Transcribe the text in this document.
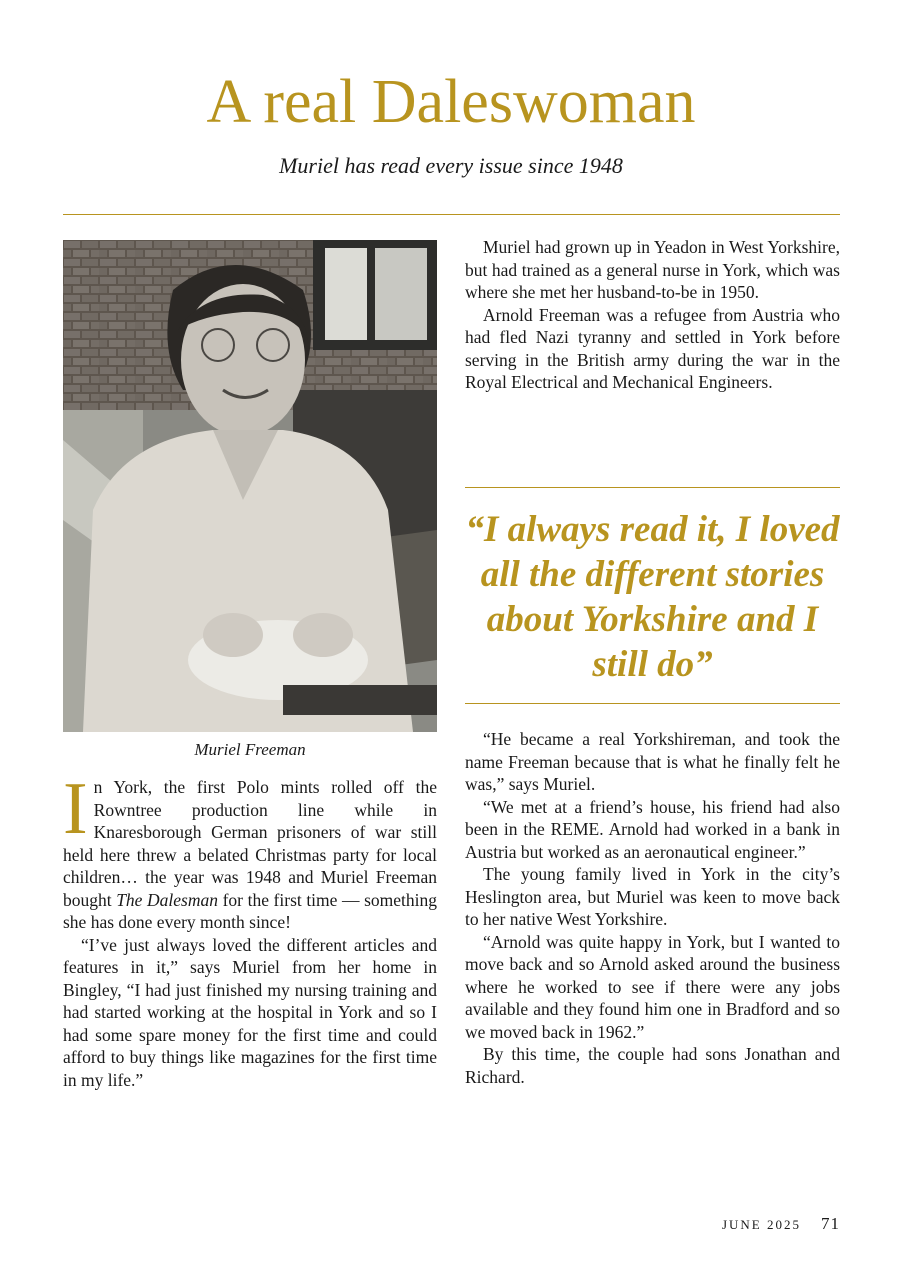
A real Daleswoman
Muriel has read every issue since 1948
Muriel Freeman

In York, the first Polo mints rolled off the Rowntree production line while in Knaresborough German prisoners of war still held here threw a belated Christmas party for local children… the year was 1948 and Muriel Freeman bought The Dalesman for the first time — something she has done every month since!

“I’ve just always loved the different articles and features in it,” says Muriel from her home in Bingley, “I had just finished my nursing training and had started working at the hospital in York and so I had some spare money for the first time and could afford to buy things like magazines for the first time in my life.”

Muriel had grown up in Yeadon in West Yorkshire, but had trained as a general nurse in York, which was where she met her husband-to-be in 1950.

Arnold Freeman was a refugee from Austria who had fled Nazi tyranny and settled in York before serving in the British army during the war in the Royal Electrical and Mechanical Engineers.

“I always read it, I loved all the different stories about Yorkshire and I still do”

“He became a real Yorkshireman, and took the name Freeman because that is what he finally felt he was,” says Muriel.

“We met at a friend’s house, his friend had also been in the REME. Arnold had worked in a bank in Austria but worked as an aeronautical engineer.”

The young family lived in York in the city’s Heslington area, but Muriel was keen to move back to her native West Yorkshire.

“Arnold was quite happy in York, but I wanted to move back and so Arnold asked around the business where he worked to see if there were any jobs available and they found him one in Bradford and so we moved back in 1962.”

By this time, the couple had sons Jonathan and Richard.

JUNE 2025 71
